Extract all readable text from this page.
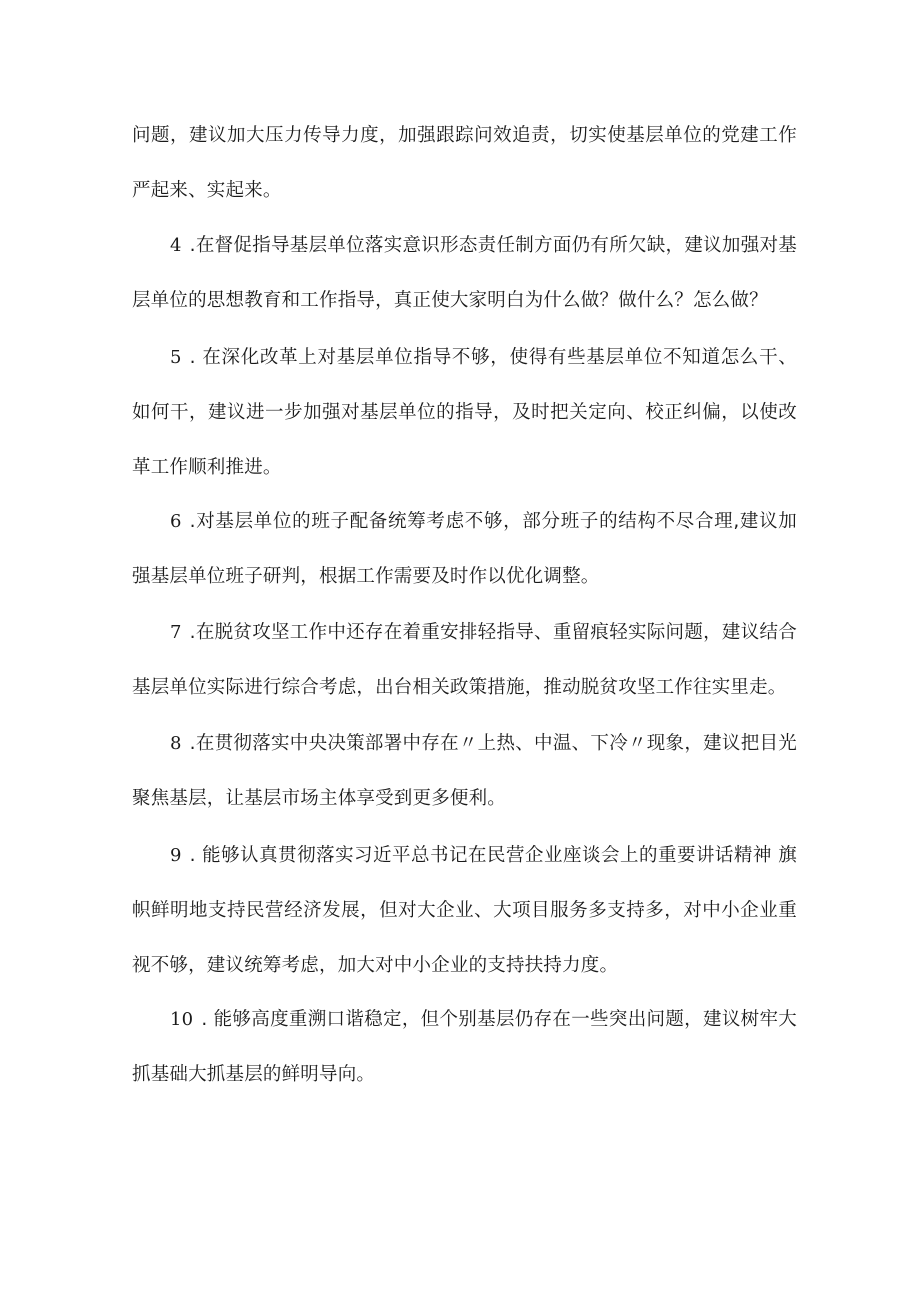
问题，建议加大压力传导力度，加强跟踪问效追责，切实使基层单位的党建工作严起来、实起来。

4 .在督促指导基层单位落实意识形态责任制方面仍有所欠缺，建议加强对基层单位的思想教育和工作指导，真正使大家明白为什么做？做什么？怎么做？

5 . 在深化改革上对基层单位指导不够，使得有些基层单位不知道怎么干、如何干，建议进一步加强对基层单位的指导，及时把关定向、校正纠偏，以使改革工作顺利推进。

6 .对基层单位的班子配备统筹考虑不够，部分班子的结构不尽合理,建议加强基层单位班子研判，根据工作需要及时作以优化调整。

7 .在脱贫攻坚工作中还存在着重安排轻指导、重留痕轻实际问题，建议结合基层单位实际进行综合考虑，出台相关政策措施，推动脱贫攻坚工作往实里走。

8 .在贯彻落实中央决策部署中存在〃上热、中温、下冷〃现象，建议把目光聚焦基层，让基层市场主体享受到更多便利。

9 . 能够认真贯彻落实习近平总书记在民营企业座谈会上的重要讲话精神 旗帜鲜明地支持民营经济发展，但对大企业、大项目服务多支持多，对中小企业重视不够，建议统筹考虑，加大对中小企业的支持扶持力度。

10 . 能够高度重溯口谐稳定，但个别基层仍存在一些突出问题，建议树牢大抓基础大抓基层的鲜明导向。
